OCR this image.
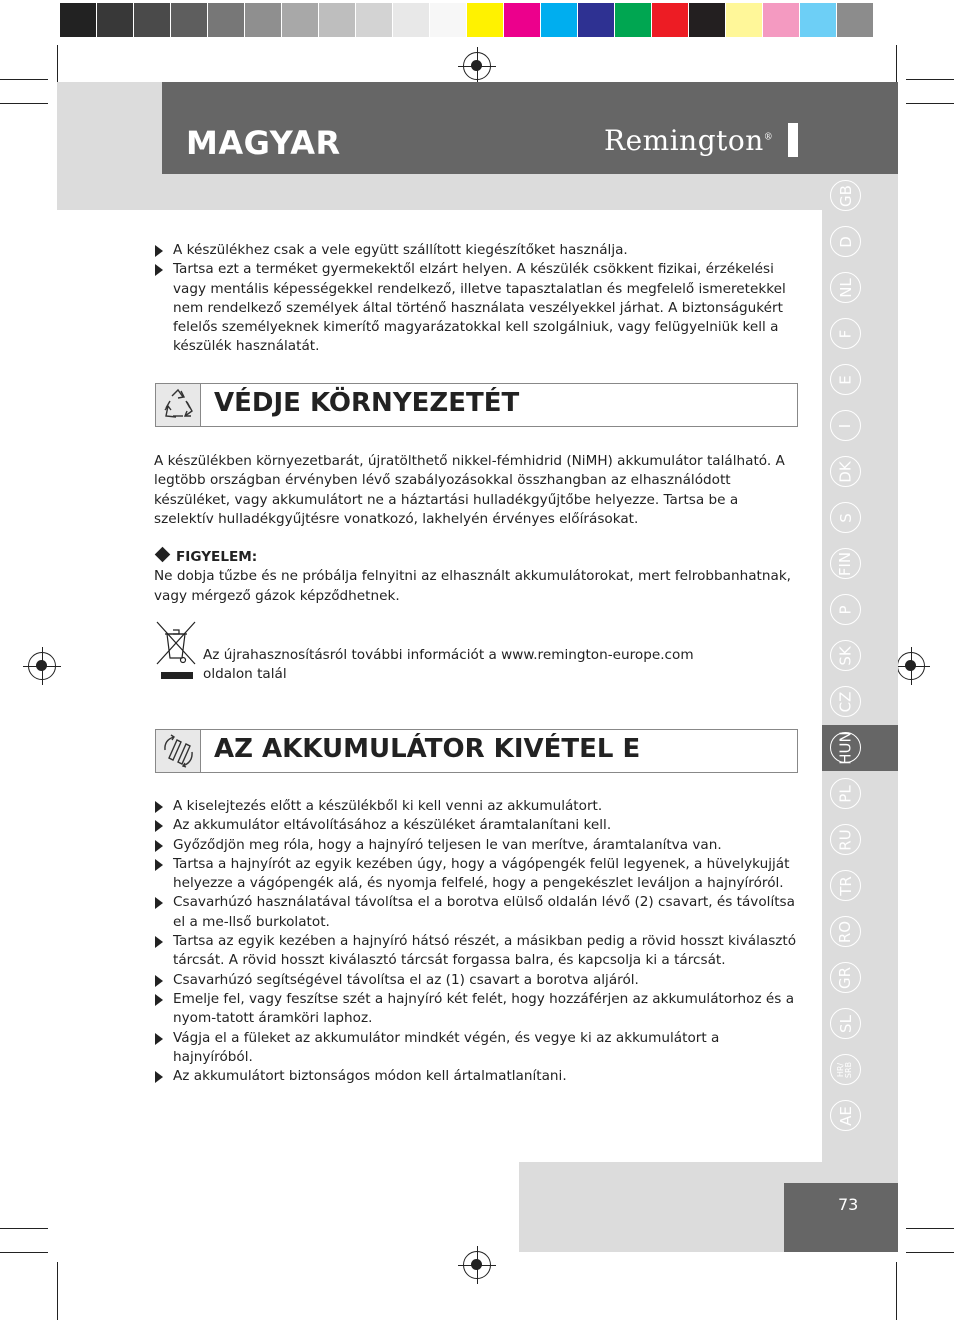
MAGYAR	Remington®
GB
D
NL
F
E
I
DK
S
FIN
P
SK
CZ
HUN
PL
RU
TR
RO
GR
SL
HR/
SRB
AE
A készülékhez csak a vele együtt szállított kiegészítőket használja.
Tartsa ezt a terméket gyermekektől elzárt helyen. A készülék csökkent fizikai, érzékelési vagy mentális képességekkel rendelkező, illetve tapasztalatlan és megfelelő ismeretekkel nem rendelkező személyek által történő használata veszélyekkel járhat. A biztonságukért felelős személyeknek kimerítő magyarázatokkal kell szolgálniuk, vagy felügyelniük kell a készülék használatát.
VÉDJE KÖRNYEZETÉT

A készülékben környezetbarát, újratölthető nikkel-fémhidrid (NiMH) akkumulátor található. A legtöbb országban érvényben lévő szabályozásokkal összhangban az elhasználódott készüléket, vagy akkumulátort ne a háztartási hulladékgyűjtőbe helyezze. Tartsa be a szelektív hulladékgyűjtésre vonatkozó, lakhelyén érvényes előírásokat.

FIGYELEM:

Ne dobja tűzbe és ne próbálja felnyitni az elhasznált akkumulátorokat, mert felrobbanhatnak, vagy mérgező gázok képződhetnek.

Az újrahasznosításról további információt a www.remington-europe.com oldalon talál
AZ AKKUMULÁTOR KIVÉTEL E
A kiselejtezés előtt a készülékből ki kell venni az akkumulátort.
Az akkumulátor eltávolításához a készüléket áramtalanítani kell.
Győződjön meg róla, hogy a hajnyíró teljesen le van merítve, áramtalanítva van.
Tartsa a hajnyírót az egyik kezében úgy, hogy a vágópengék felül legyenek, a hüvelykujját helyezze a vágópengék alá, és nyomja felfelé, hogy a pengekészlet leváljon a hajnyíróról.
Csavarhúzó használatával távolítsa el a borotva elülső oldalán lévő (2) csavart, és távolítsa el a me-llső burkolatot.
Tartsa az egyik kezében a hajnyíró hátsó részét, a másikban pedig a rövid hosszt kiválasztó tárcsát. A rövid hosszt kiválasztó tárcsát forgassa balra, és kapcsolja ki a tárcsát.
Csavarhúzó segítségével távolítsa el az (1) csavart a borotva aljáról.
Emelje fel, vagy feszítse szét a hajnyíró két felét, hogy hozzáférjen az akkumulátorhoz és a nyom-tatott áramköri laphoz.
Vágja el a füleket az akkumulátor mindkét végén, és vegye ki az akkumulátort a hajnyíróból.
Az akkumulátort biztonságos módon kell ártalmatlanítani.
73
